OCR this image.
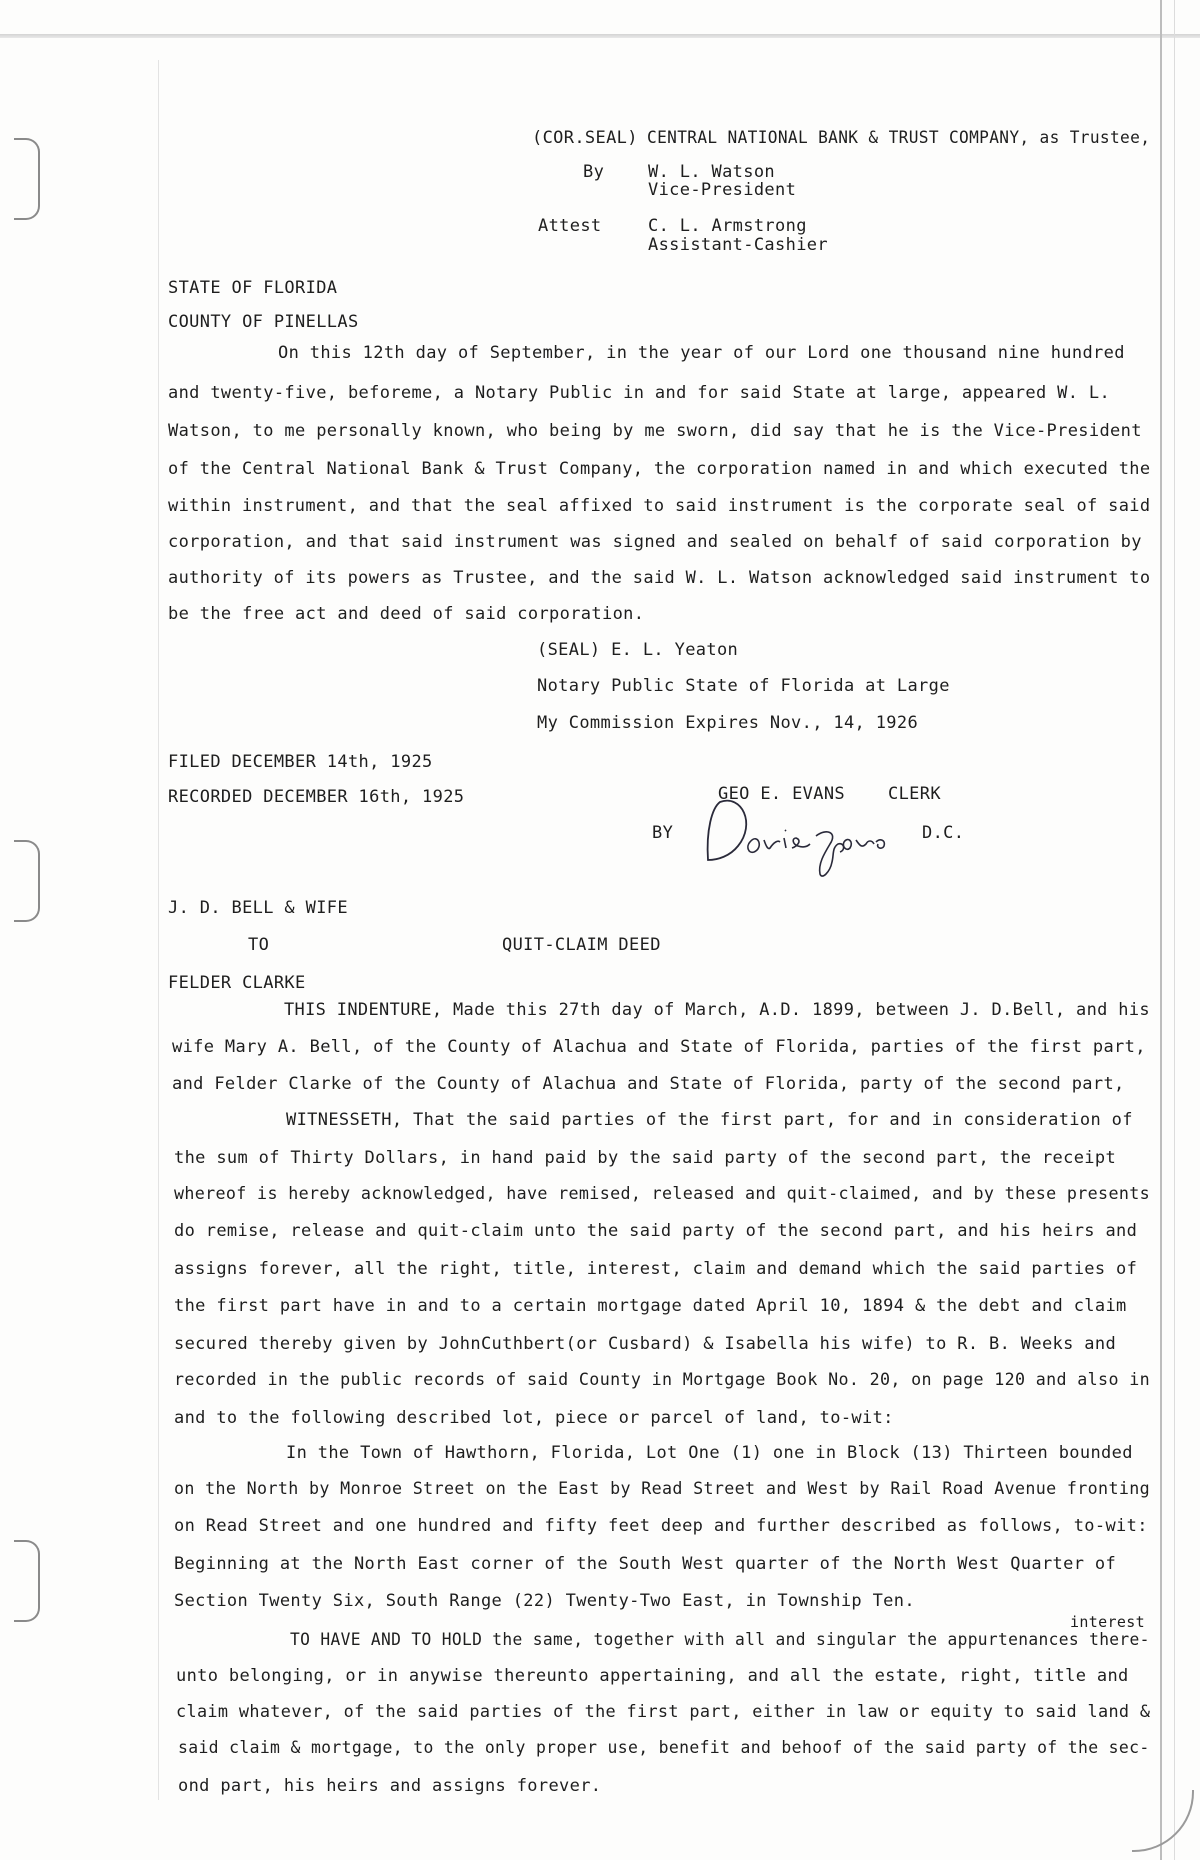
(COR.SEAL) CENTRAL NATIONAL BANK & TRUST COMPANY, as Trustee,
By	W. L. Watson
Vice-President
Attest	C. L. Armstrong
Assistant-Cashier
STATE OF FLORIDA
COUNTY OF PINELLAS
On this 12th day of September, in the year of our Lord one thousand nine hundred
and twenty-five, beforeme, a Notary Public in and for said State at large, appeared W. L.
Watson, to me personally known, who being by me sworn, did say that he is the Vice-President
of the Central National Bank & Trust Company, the corporation named in and which executed the
within instrument, and that the seal affixed to said instrument is the corporate seal of said
corporation, and that said instrument was signed and sealed on behalf of said corporation by
authority of its powers as Trustee, and the said W. L. Watson acknowledged said instrument to
be the free act and deed of said corporation.
(SEAL) E. L. Yeaton
Notary Public State of Florida at Large
My Commission Expires Nov., 14, 1926
FILED DECEMBER 14th, 1925
RECORDED DECEMBER 16th, 1925	GEO E. EVANS	CLERK
BY	D.C.
J. D. BELL & WIFE
TO	QUIT-CLAIM DEED
FELDER CLARKE
THIS INDENTURE, Made this 27th day of March, A.D. 1899, between J. D.Bell, and his
wife Mary A. Bell, of the County of Alachua and State of Florida, parties of the first part,
and Felder Clarke of the County of Alachua and State of Florida, party of the second part,
WITNESSETH, That the said parties of the first part, for and in consideration of
the sum of Thirty Dollars, in hand paid by the said party of the second part, the receipt
whereof is hereby acknowledged, have remised, released and quit-claimed, and by these presents
do remise, release and quit-claim unto the said party of the second part, and his heirs and
assigns forever, all the right, title, interest, claim and demand which the said parties of
the first part have in and to a certain mortgage dated April 10, 1894 & the debt and claim
secured thereby given by JohnCuthbert(or Cusbard) & Isabella his wife) to R. B. Weeks and
recorded in the public records of said County in Mortgage Book No. 20, on page 120 and also in
and to the following described lot, piece or parcel of land, to-wit:
In the Town of Hawthorn, Florida, Lot One (1) one in Block (13) Thirteen bounded
on the North by Monroe Street on the East by Read Street and West by Rail Road Avenue fronting
on Read Street and one hundred and fifty feet deep and further described as follows, to-wit:
Beginning at the North East corner of the South West quarter of the North West Quarter of
Section Twenty Six, South Range (22) Twenty-Two East, in Township Ten.
interest
TO HAVE AND TO HOLD the same, together with all and singular the appurtenances there-
unto belonging, or in anywise thereunto appertaining, and all the estate, right, title and
claim whatever, of the said parties of the first part, either in law or equity to said land &
said claim & mortgage, to the only proper use, benefit and behoof of the said party of the sec-
ond part, his heirs and assigns forever.
